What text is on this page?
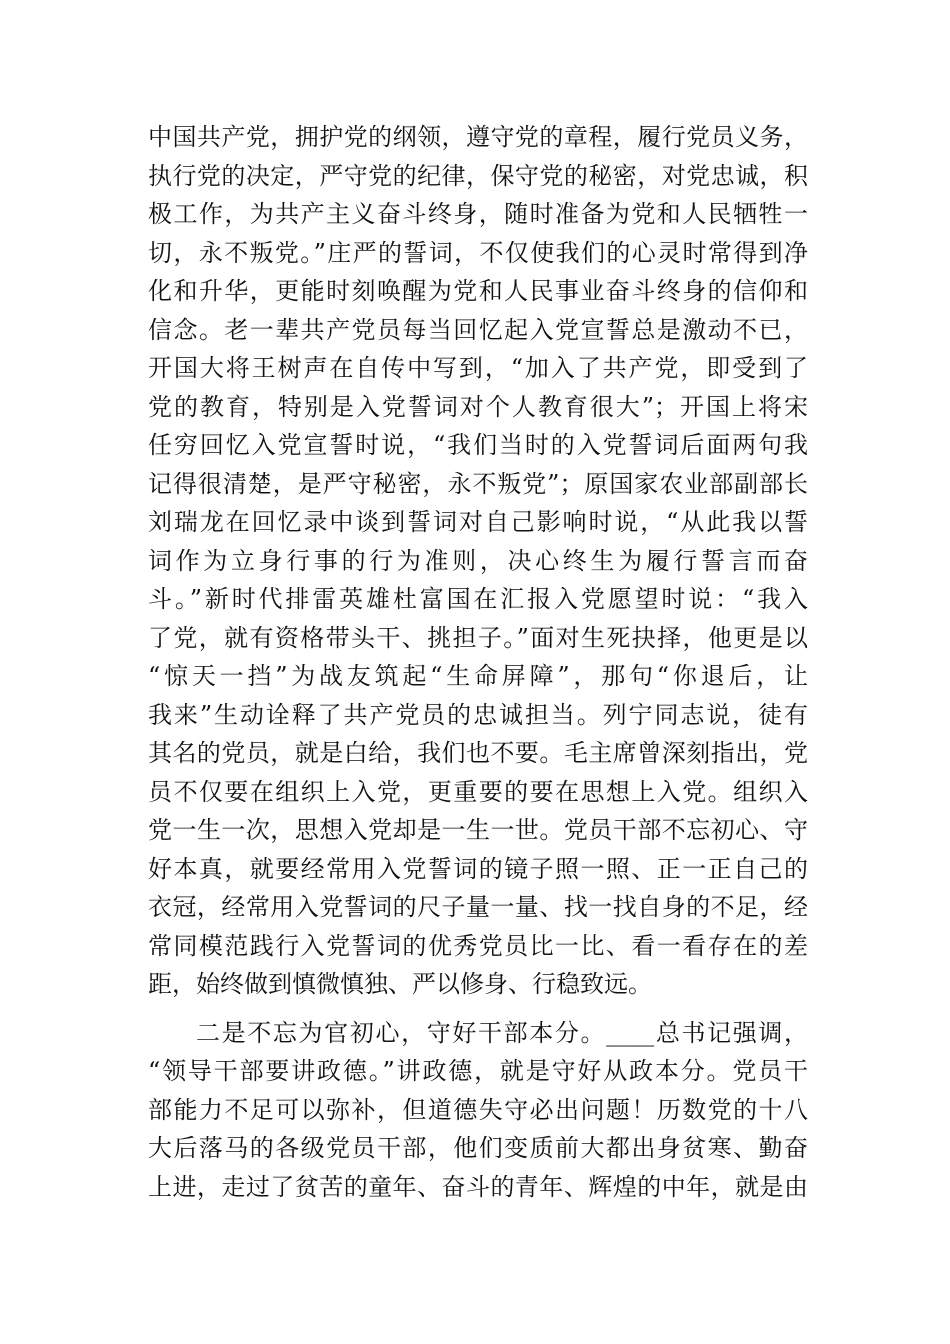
中国共产党，拥护党的纲领，遵守党的章程，履行党员义务，
执行党的决定，严守党的纪律，保守党的秘密，对党忠诚，积
极工作，为共产主义奋斗终身，随时准备为党和人民牺牲一
切，永不叛党。”庄严的誓词，不仅使我们的心灵时常得到净
化和升华，更能时刻唤醒为党和人民事业奋斗终身的信仰和
信念。老一辈共产党员每当回忆起入党宣誓总是激动不已，
开国大将王树声在自传中写到，“加入了共产党，即受到了
党的教育，特别是入党誓词对个人教育很大”；开国上将宋
任穷回忆入党宣誓时说，“我们当时的入党誓词后面两句我
记得很清楚，是严守秘密，永不叛党”；原国家农业部副部长
刘瑞龙在回忆录中谈到誓词对自己影响时说，“从此我以誓
词作为立身行事的行为准则，决心终生为履行誓言而奋
斗。”新时代排雷英雄杜富国在汇报入党愿望时说：“我入
了党，就有资格带头干、挑担子。”面对生死抉择，他更是以
“惊天一挡”为战友筑起“生命屏障”，那句“你退后，让
我来”生动诠释了共产党员的忠诚担当。列宁同志说，徒有
其名的党员，就是白给，我们也不要。毛主席曾深刻指出，党
员不仅要在组织上入党，更重要的要在思想上入党。组织入
党一生一次，思想入党却是一生一世。党员干部不忘初心、守
好本真，就要经常用入党誓词的镜子照一照、正一正自己的
衣冠，经常用入党誓词的尺子量一量、找一找自身的不足，经
常同模范践行入党誓词的优秀党员比一比、看一看存在的差
距，始终做到慎微慎独、严以修身、行稳致远。
二是不忘为官初心，守好干部本分。____总书记强调，
“领导干部要讲政德。”讲政德，就是守好从政本分。党员干
部能力不足可以弥补，但道德失守必出问题！历数党的十八
大后落马的各级党员干部，他们变质前大都出身贫寒、勤奋
上进，走过了贫苦的童年、奋斗的青年、辉煌的中年，就是由
